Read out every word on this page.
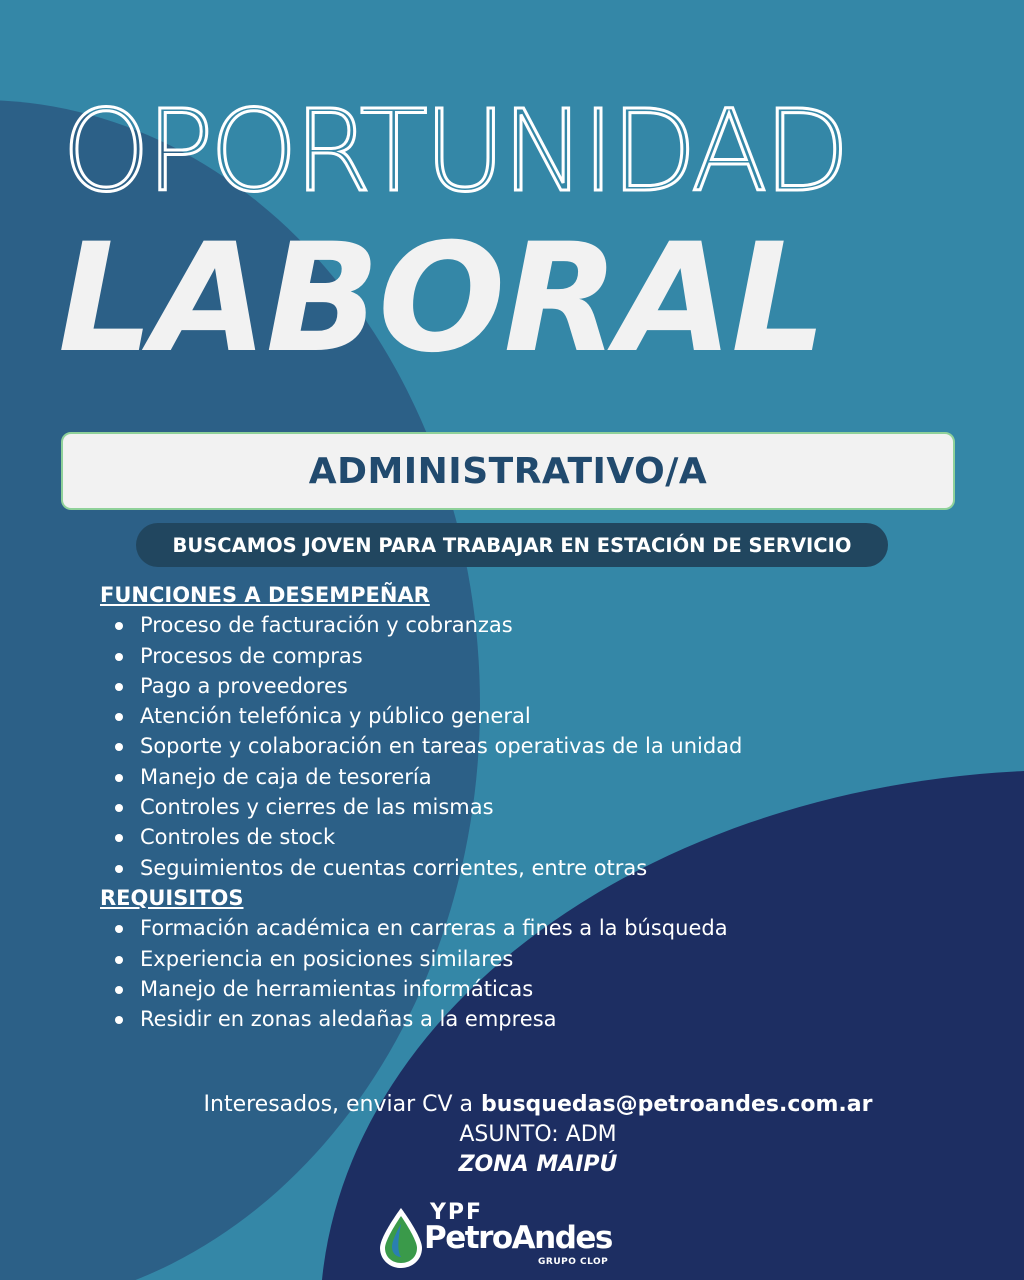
OPORTUNIDAD
LABORAL
ADMINISTRATIVO/A
BUSCAMOS JOVEN PARA TRABAJAR EN ESTACIÓN DE SERVICIO
FUNCIONES A DESEMPEÑAR
Proceso de facturación y cobranzas
Procesos de compras
Pago a proveedores
Atención telefónica y público general
Soporte y colaboración en tareas operativas de la unidad
Manejo de caja de tesorería
Controles y cierres de las mismas
Controles de stock
Seguimientos de cuentas corrientes, entre otras
REQUISITOS
Formación académica en carreras a fines a la búsqueda
Experiencia en posiciones similares
Manejo de herramientas informáticas
Residir en zonas aledañas a la empresa
Interesados, enviar CV a busquedas@petroandes.com.ar
ASUNTO: ADM
ZONA MAIPÚ
YPF
PetroAndes
GRUPO CLOP
